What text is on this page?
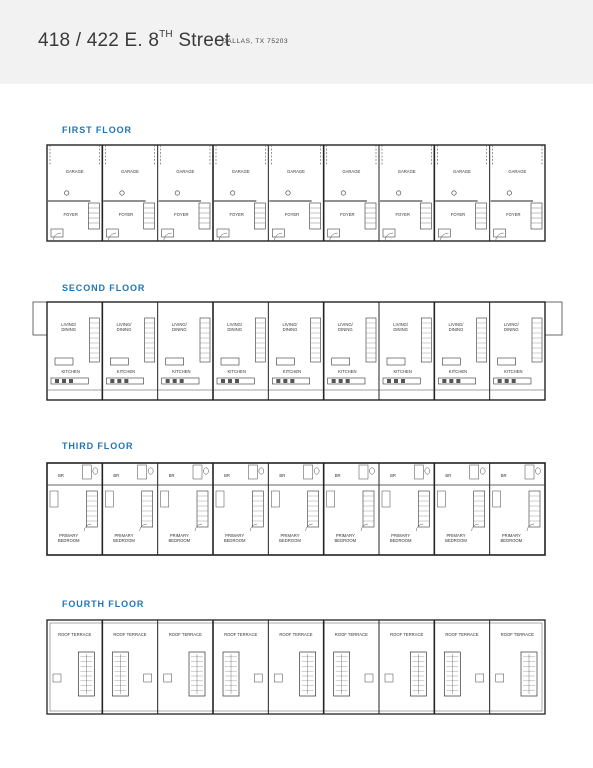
418 / 422 E. 8TH Street
DALLAS, TX 75203
FIRST FLOOR
GARAGE
FOYER
GARAGE
FOYER
GARAGE
FOYER
GARAGE
FOYER
GARAGE
FOYER
GARAGE
FOYER
GARAGE
FOYER
GARAGE
FOYER
GARAGE
FOYER
SECOND FLOOR
LIVING/
DINING
KITCHEN
LIVING/
DINING
KITCHEN
LIVING/
DINING
KITCHEN
LIVING/
DINING
KITCHEN
LIVING/
DINING
KITCHEN
LIVING/
DINING
KITCHEN
LIVING/
DINING
KITCHEN
LIVING/
DINING
KITCHEN
LIVING/
DINING
KITCHEN
THIRD FLOOR
BR
PRIMARY
BEDROOM
BR
PRIMARY
BEDROOM
BR
PRIMARY
BEDROOM
BR
PRIMARY
BEDROOM
BR
PRIMARY
BEDROOM
BR
PRIMARY
BEDROOM
BR
PRIMARY
BEDROOM
BR
PRIMARY
BEDROOM
BR
PRIMARY
BEDROOM
FOURTH FLOOR
ROOF TERRACE	ROOF TERRACE	ROOF TERRACE	ROOF TERRACE	ROOF TERRACE	ROOF TERRACE	ROOF TERRACE	ROOF TERRACE	ROOF TERRACE
